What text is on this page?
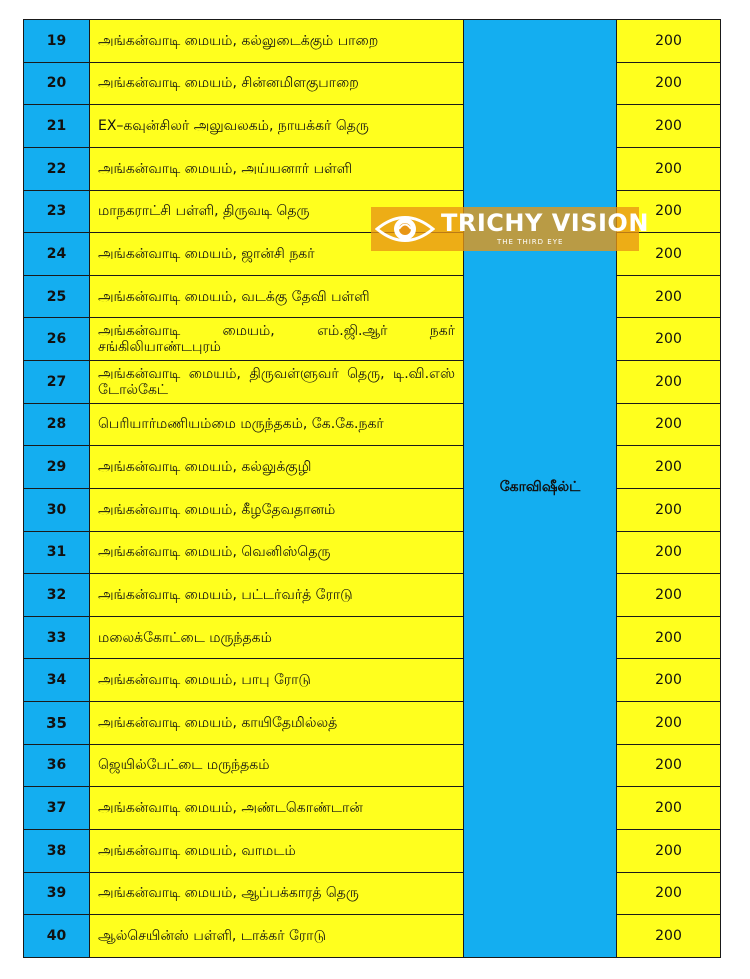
19	அங்கன்வாடி மையம், கல்லுடைக்கும் பாறை	கோவிஷீல்ட்	200
20	அங்கன்வாடி மையம், சின்னமிளகுபாறை		200
21	EX–கவுன்சிலர் அலுவலகம், நாயக்கர் தெரு		200
22	அங்கன்வாடி மையம், அய்யனார் பள்ளி		200
23	மாநகராட்சி பள்ளி, திருவடி தெரு		200
24	அங்கன்வாடி மையம், ஜான்சி நகர்		200
25	அங்கன்வாடி மையம், வடக்கு தேவி பள்ளி		200
26	அங்கன்வாடி மையம், எம்.ஜி.ஆர் நகர் சங்கிலியாண்டபுரம்		200
27	அங்கன்வாடி மையம், திருவள்ளுவர் தெரு, டி.வி.எஸ் டோல்கேட்		200
28	பெரியார்மணியம்மை மருந்தகம், கே.கே.நகர்		200
29	அங்கன்வாடி மையம், கல்லுக்குழி		200
30	அங்கன்வாடி மையம், கீழதேவதானம்		200
31	அங்கன்வாடி மையம், வெனிஸ்தெரு		200
32	அங்கன்வாடி மையம், பட்டர்வர்த் ரோடு		200
33	மலைக்கோட்டை மருந்தகம்		200
34	அங்கன்வாடி மையம், பாபு ரோடு		200
35	அங்கன்வாடி மையம், காயிதேமில்லத்		200
36	ஜெயில்பேட்டை மருந்தகம்		200
37	அங்கன்வாடி மையம், அண்டகொண்டான்		200
38	அங்கன்வாடி மையம், வாமடம்		200
39	அங்கன்வாடி மையம், ஆப்பக்காரத் தெரு		200
40	ஆல்செயின்ஸ் பள்ளி, டாக்கர் ரோடு		200
TRICHY VISION
THE THIRD EYE
